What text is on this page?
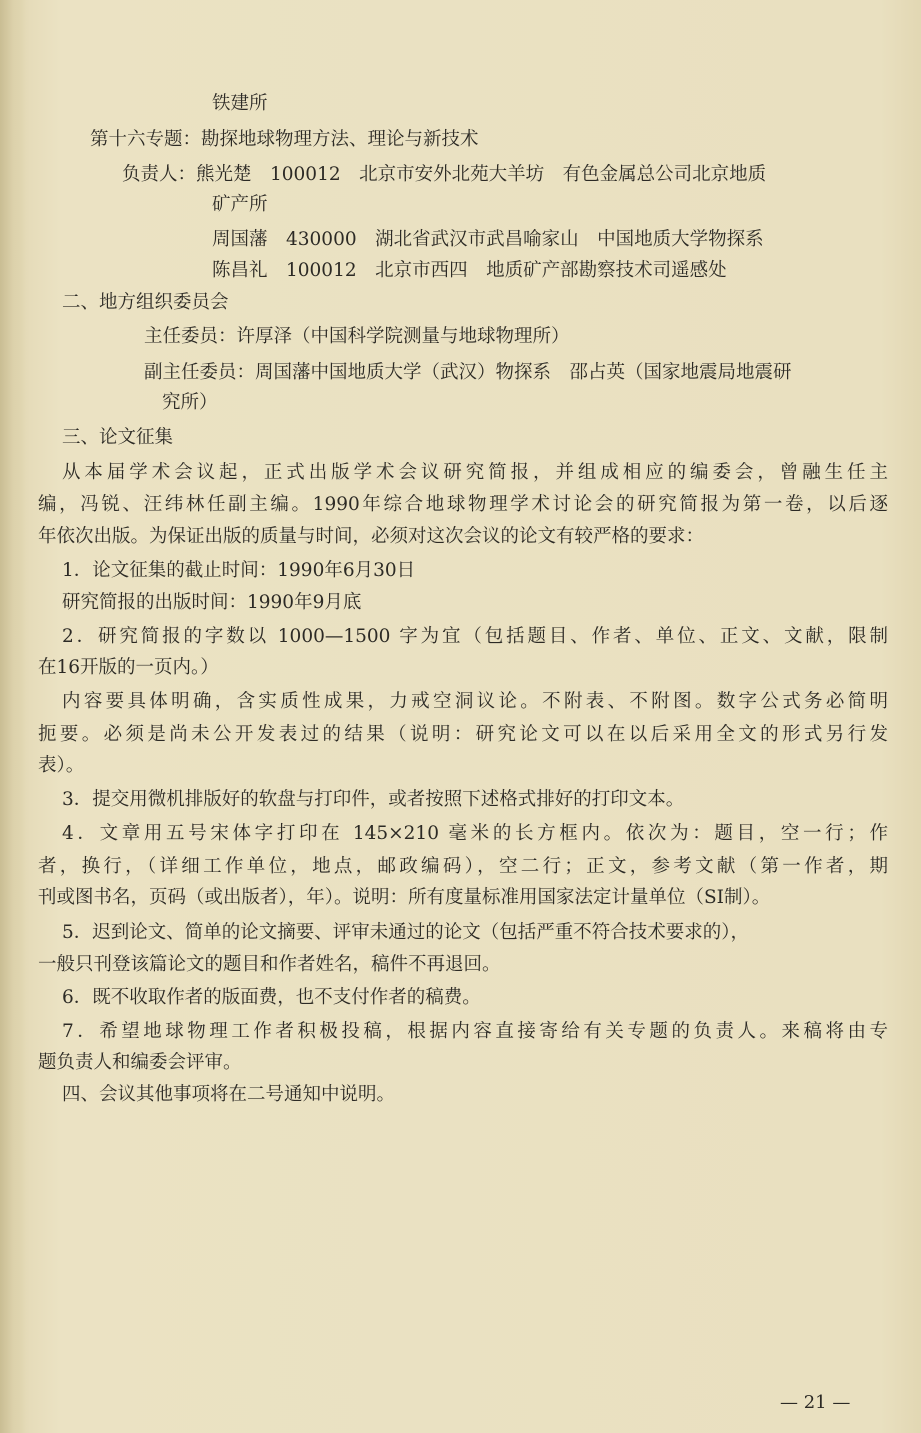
铁建所
第十六专题：勘探地球物理方法、理论与新技术
负责人：熊光楚　100012　北京市安外北苑大羊坊　有色金属总公司北京地质
矿产所
周国藩　430000　湖北省武汉市武昌喻家山　中国地质大学物探系
陈昌礼　100012　北京市西四　地质矿产部勘察技术司遥感处
二、地方组织委员会
主任委员：许厚泽（中国科学院测量与地球物理所）
副主任委员：周国藩中国地质大学（武汉）物探系　邵占英（国家地震局地震研
究所）
三、论文征集
从本届学术会议起，正式出版学术会议研究简报，并组成相应的编委会，曾融生任主
编，冯锐、汪纬林任副主编。1990年综合地球物理学术讨论会的研究简报为第一卷，以后逐
年依次出版。为保证出版的质量与时间，必须对这次会议的论文有较严格的要求：
1．论文征集的截止时间：1990年6月30日
研究简报的出版时间：1990年9月底
2．研究简报的字数以 1000—1500 字为宜（包括题目、作者、单位、正文、文献，限制
在16开版的一页内。）
内容要具体明确，含实质性成果，力戒空洞议论。不附表、不附图。数字公式务必简明
扼要。必须是尚未公开发表过的结果（说明：研究论文可以在以后采用全文的形式另行发
表）。
3．提交用微机排版好的软盘与打印件，或者按照下述格式排好的打印文本。
4．文章用五号宋体字打印在 145×210 毫米的长方框内。依次为：题目，空一行；作
者，换行，（详细工作单位，地点，邮政编码），空二行；正文，参考文献（第一作者，期
刊或图书名，页码（或出版者），年）。说明：所有度量标准用国家法定计量单位（SI制）。
5．迟到论文、简单的论文摘要、评审未通过的论文（包括严重不符合技术要求的），
一般只刊登该篇论文的题目和作者姓名，稿件不再退回。
6．既不收取作者的版面费，也不支付作者的稿费。
7．希望地球物理工作者积极投稿，根据内容直接寄给有关专题的负责人。来稿将由专
题负责人和编委会评审。
四、会议其他事项将在二号通知中说明。
— 21 —
